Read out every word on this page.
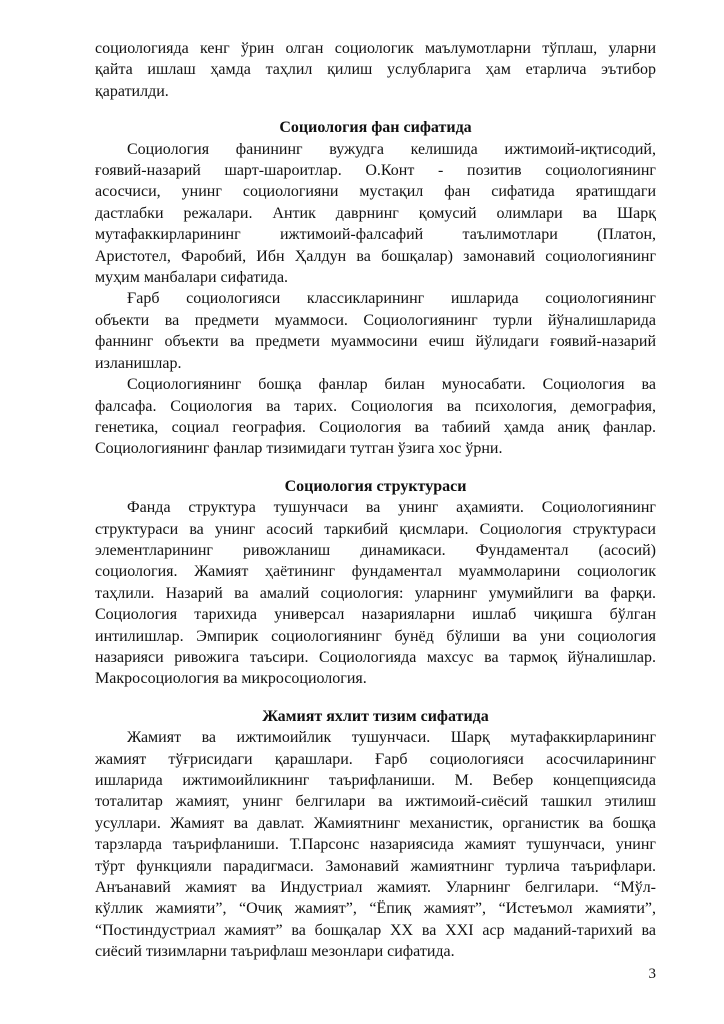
социологияда кенг ўрин олган социологик маълумотларни тўплаш, уларни
қайта ишлаш ҳамда таҳлил қилиш услубларига ҳам етарлича эътибор
қаратилди.
Социология фан сифатида
Социология фанининг вужудга келишида ижтимоий-иқтисодий,
ғоявий-назарий шарт-шароитлар. О.Конт - позитив социологиянинг
асосчиси, унинг социологияни мустақил фан сифатида яратишдаги
дастлабки режалари. Антик даврнинг қомусий олимлари ва Шарқ
мутафаккирларининг ижтимоий-фалсафий таълимотлари (Платон,
Аристотел, Фаробий, Ибн Ҳалдун ва бошқалар) замонавий социологиянинг
муҳим манбалари сифатида.
Ғарб социологияси классикларининг ишларида социологиянинг
объекти ва предмети муаммоси. Социологиянинг турли йўналишларида
фаннинг объекти ва предмети муаммосини ечиш йўлидаги ғоявий-назарий
изланишлар.
Социологиянинг бошқа фанлар билан муносабати. Социология ва
фалсафа. Социология ва тарих. Социология ва психология, демография,
генетика, социал география. Социология ва табиий ҳамда аниқ фанлар.
Социологиянинг фанлар тизимидаги тутган ўзига хос ўрни.
Социология структураси
Фанда структура тушунчаси ва унинг аҳамияти. Социологиянинг
структураси ва унинг асосий таркибий қисмлари. Социология структураси
элементларининг ривожланиш динамикаси. Фундаментал (асосий)
социология. Жамият ҳаётининг фундаментал муаммоларини социологик
таҳлили. Назарий ва амалий социология: уларнинг умумийлиги ва фарқи.
Социология тарихида универсал назарияларни ишлаб чиқишга бўлган
интилишлар. Эмпирик социологиянинг бунёд бўлиши ва уни социология
назарияси ривожига таъсири. Социологияда махсус ва тармоқ йўналишлар.
Макросоциология ва микросоциология.
Жамият яхлит тизим сифатида
Жамият ва ижтимоийлик тушунчаси. Шарқ мутафаккирларининг
жамият тўғрисидаги қарашлари. Ғарб социологияси асосчиларининг
ишларида ижтимоийликнинг таърифланиши. М. Вебер концепциясида
тоталитар жамият, унинг белгилари ва ижтимоий-сиёсий ташкил этилиш
усуллари. Жамият ва давлат. Жамиятнинг механистик, органистик ва бошқа
тарзларда таърифланиши. Т.Парсонс назариясида жамият тушунчаси, унинг
тўрт функцияли парадигмаси. Замонавий жамиятнинг турлича таърифлари.
Анъанавий жамият ва Индустриал жамият. Уларнинг белгилари. “Мўл-
кўллик жамияти”, “Очиқ жамият”, “Ёпиқ жамият”, “Истеъмол жамияти”,
“Постиндустриал жамият” ва бошқалар XX ва XXI аср маданий-тарихий ва
сиёсий тизимларни таърифлаш мезонлари сифатида.
3
